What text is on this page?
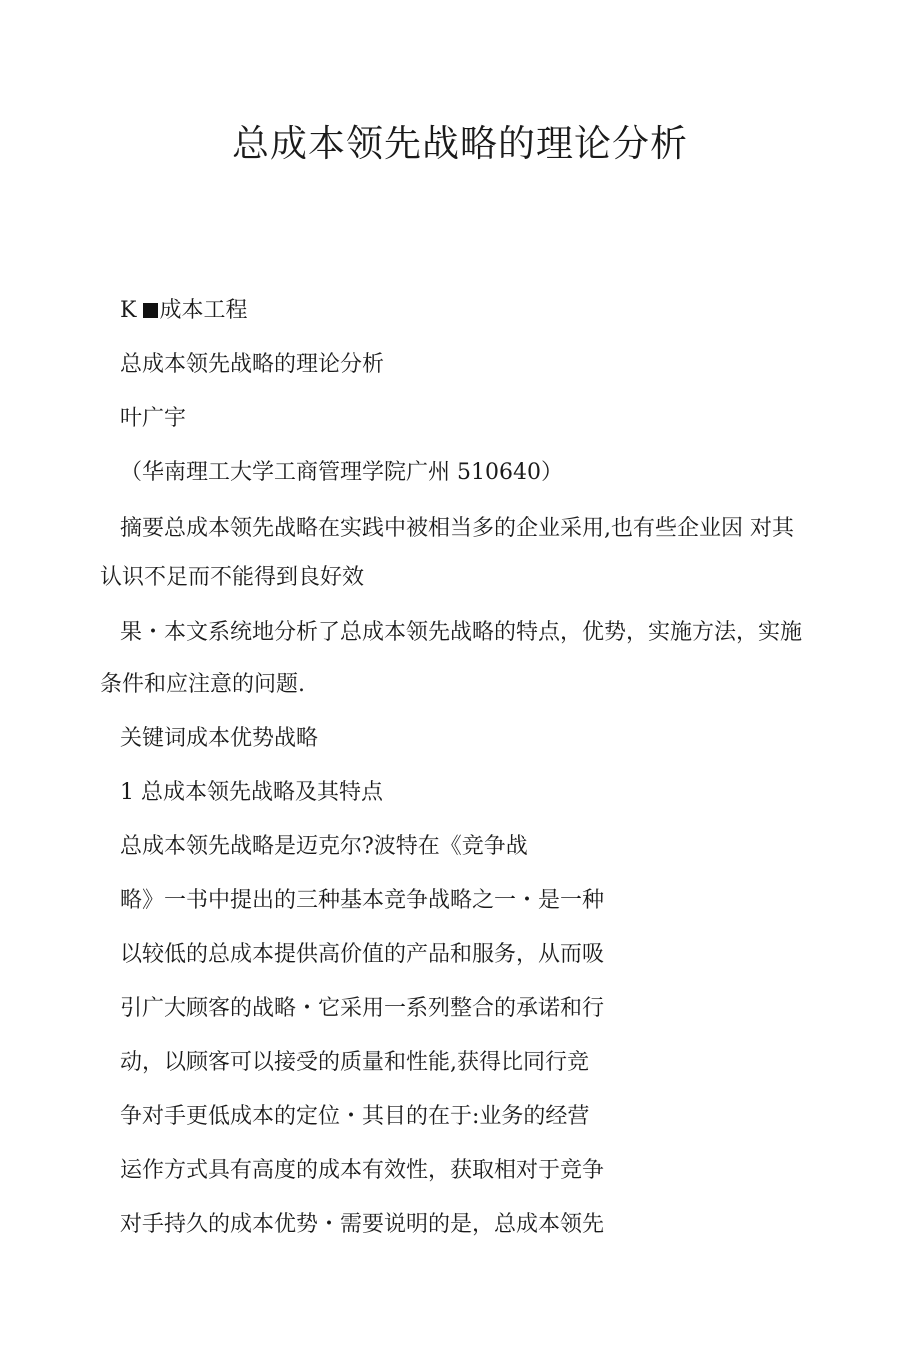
总成本领先战略的理论分析

K 成本工程

总成本领先战略的理论分析

叶广宇

（华南理工大学工商管理学院广州 510640）

摘要总成本领先战略在实践中被相当多的企业采用,也有些企业因 对其

认识不足而不能得到良好效

果・本文系统地分析了总成本领先战略的特点，优势，实施方法，实施

条件和应注意的问题.

关键词成本优势战略

1 总成本领先战略及其特点

总成本领先战略是迈克尔?波特在《竞争战

略》一书中提出的三种基本竞争战略之一・是一种

以较低的总成本提供高价值的产品和服务，从而吸

引广大顾客的战略・它采用一系列整合的承诺和行

动，以顾客可以接受的质量和性能,获得比同行竞

争对手更低成本的定位・其目的在于:业务的经营

运作方式具有高度的成本有效性，获取相对于竞争

对手持久的成本优势・需要说明的是，总成本领先
